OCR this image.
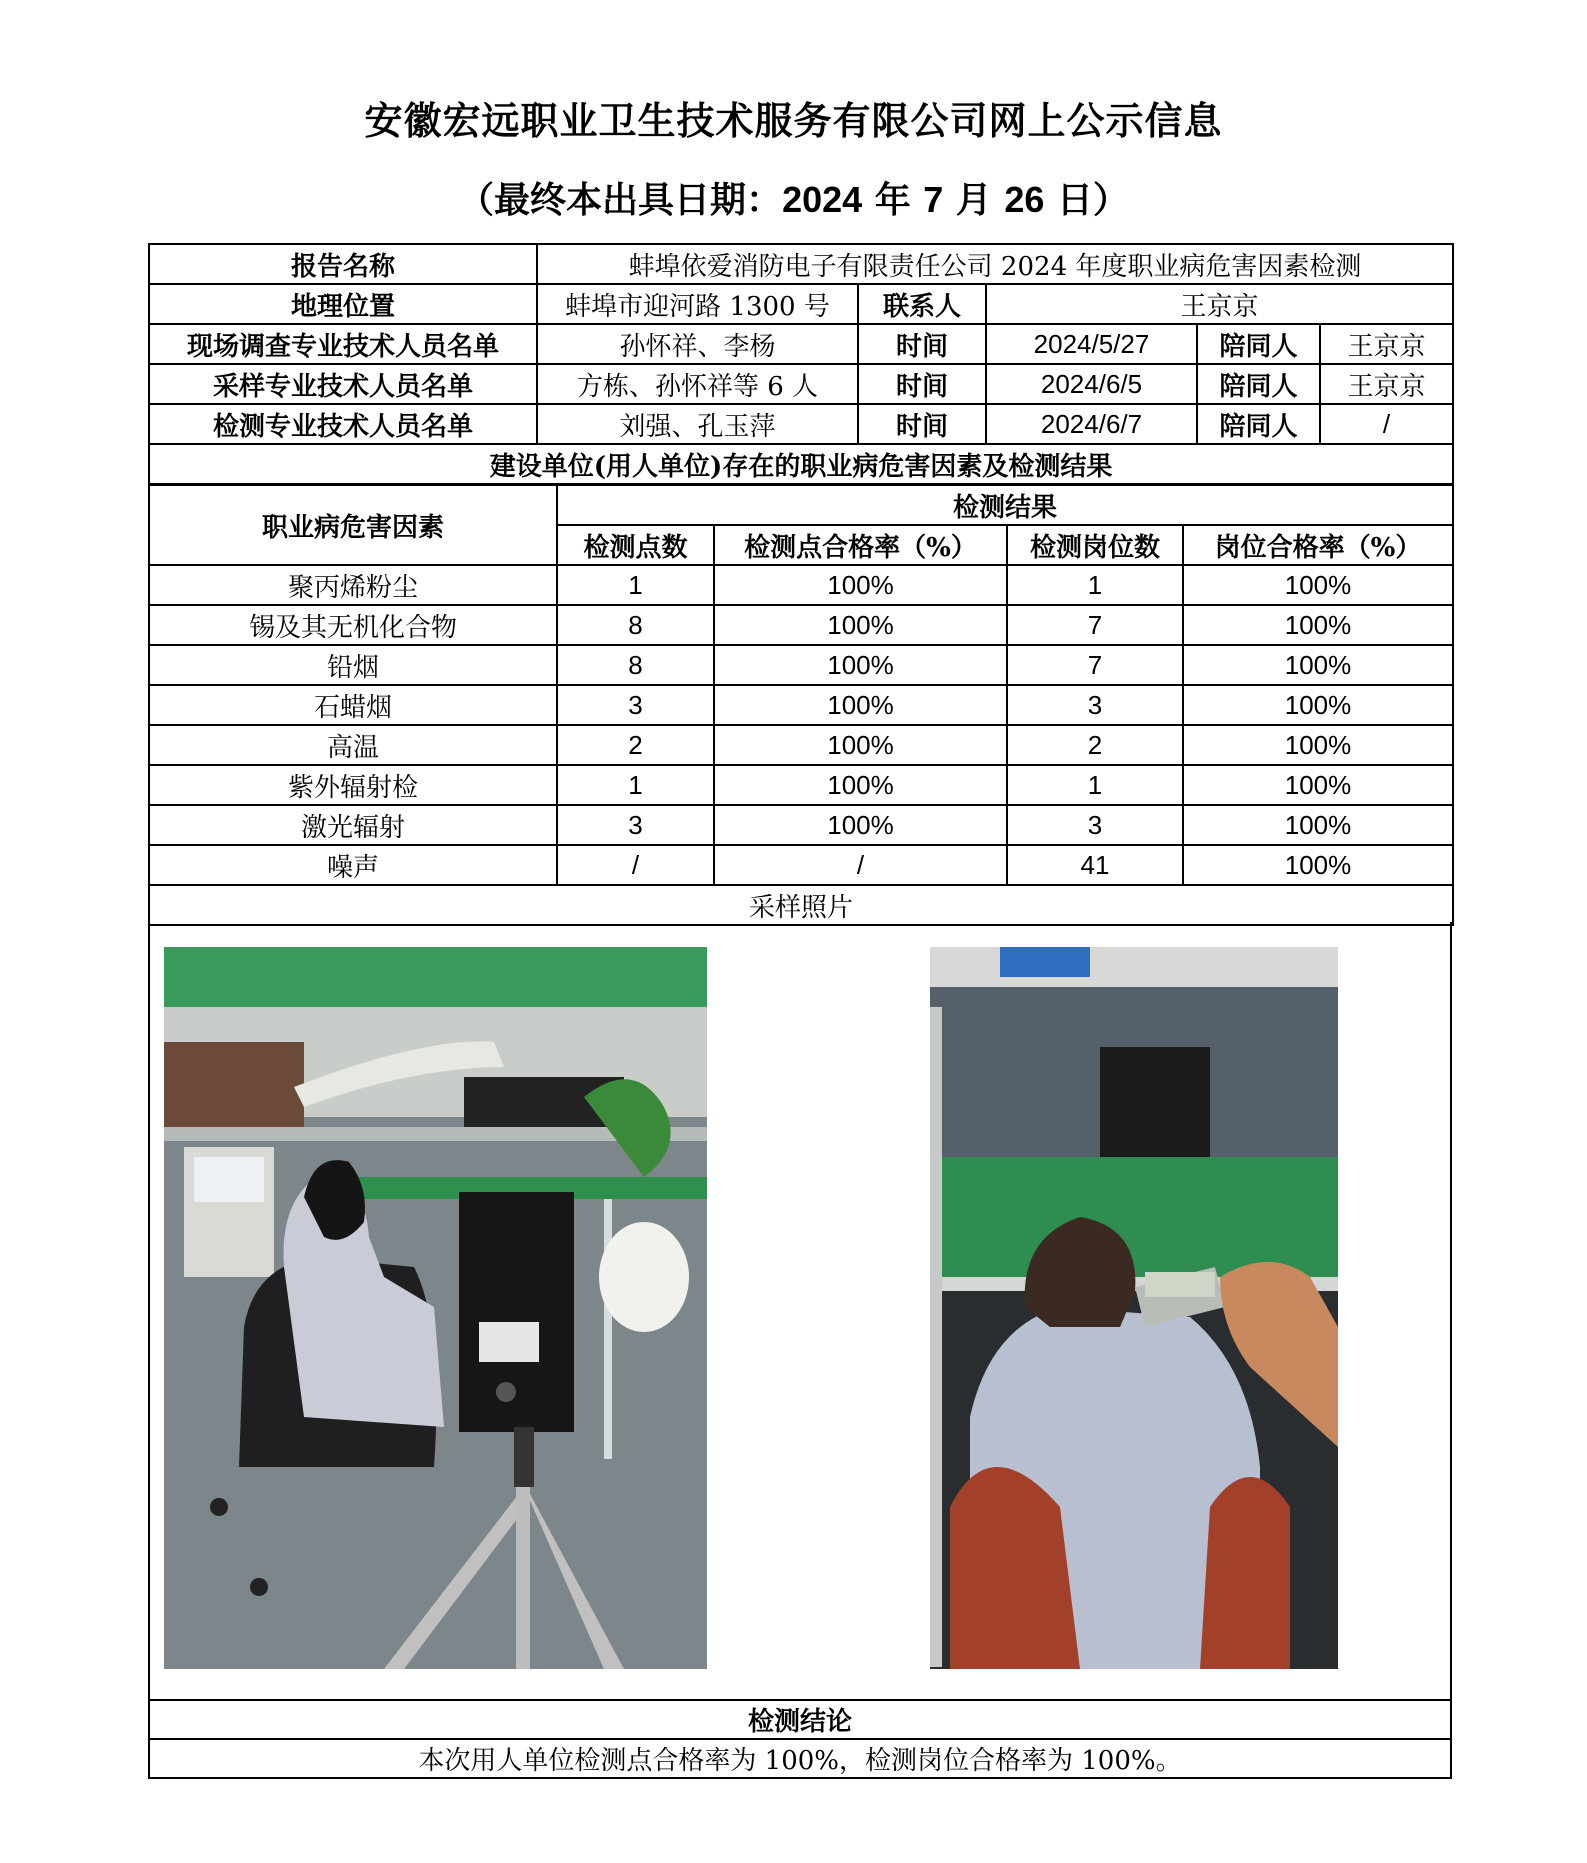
安徽宏远职业卫生技术服务有限公司网上公示信息
（最终本出具日期：2024 年 7 月 26 日）
报告名称	蚌埠依爱消防电子有限责任公司 2024 年度职业病危害因素检测				
地理位置	蚌埠市迎河路 1300 号	联系人	王京京		
现场调查专业技术人员名单	孙怀祥、李杨	时间	2024/5/27	陪同人	王京京
采样专业技术人员名单	方栋、孙怀祥等 6 人	时间	2024/6/5	陪同人	王京京
检测专业技术人员名单	刘强、孔玉萍	时间	2024/6/7	陪同人	/
建设单位(用人单位)存在的职业病危害因素及检测结果					
职业病危害因素	检测结果			
	检测点数	检测点合格率（%）	检测岗位数	岗位合格率（%）
聚丙烯粉尘	1	100%	1	100%
锡及其无机化合物	8	100%	7	100%
铅烟	8	100%	7	100%
石蜡烟	3	100%	3	100%
高温	2	100%	2	100%
紫外辐射检	1	100%	1	100%
激光辐射	3	100%	3	100%
噪声	/	/	41	100%
采样照片				
检测结论
本次用人单位检测点合格率为 100%，检测岗位合格率为 100%。
